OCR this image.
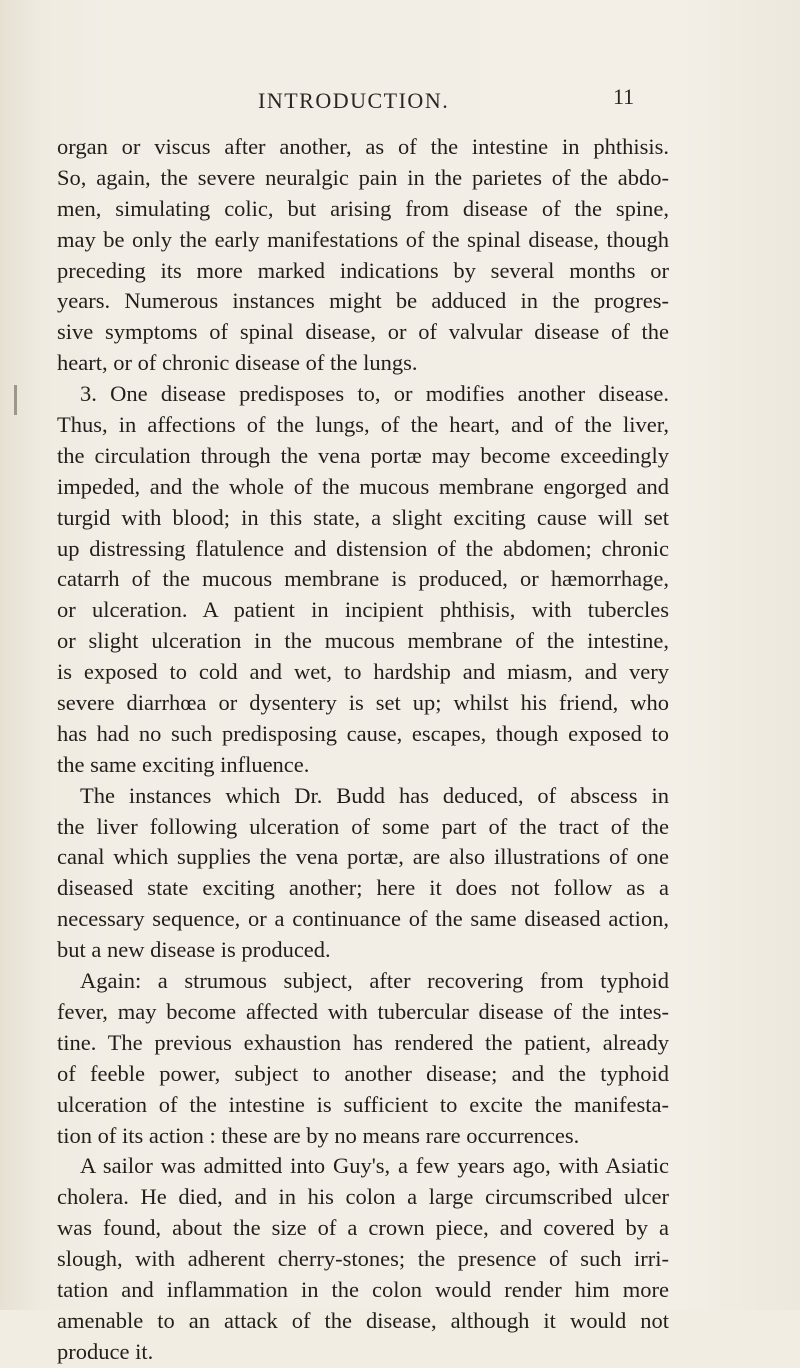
INTRODUCTION.	11
organ or viscus after another, as of the intestine in phthisis.
So, again, the severe neuralgic pain in the parietes of the abdo-
men, simulating colic, but arising from disease of the spine,
may be only the early manifestations of the spinal disease, though
preceding its more marked indications by several months or
years. Numerous instances might be adduced in the progres-
sive symptoms of spinal disease, or of valvular disease of the
heart, or of chronic disease of the lungs.
3. One disease predisposes to, or modifies another disease.
Thus, in affections of the lungs, of the heart, and of the liver,
the circulation through the vena portæ may become exceedingly
impeded, and the whole of the mucous membrane engorged and
turgid with blood; in this state, a slight exciting cause will set
up distressing flatulence and distension of the abdomen; chronic
catarrh of the mucous membrane is produced, or hæmorrhage,
or ulceration. A patient in incipient phthisis, with tubercles
or slight ulceration in the mucous membrane of the intestine,
is exposed to cold and wet, to hardship and miasm, and very
severe diarrhœa or dysentery is set up; whilst his friend, who
has had no such predisposing cause, escapes, though exposed to
the same exciting influence.
The instances which Dr. Budd has deduced, of abscess in
the liver following ulceration of some part of the tract of the
canal which supplies the vena portæ, are also illustrations of one
diseased state exciting another; here it does not follow as a
necessary sequence, or a continuance of the same diseased action,
but a new disease is produced.
Again: a strumous subject, after recovering from typhoid
fever, may become affected with tubercular disease of the intes-
tine. The previous exhaustion has rendered the patient, already
of feeble power, subject to another disease; and the typhoid
ulceration of the intestine is sufficient to excite the manifesta-
tion of its action : these are by no means rare occurrences.
A sailor was admitted into Guy's, a few years ago, with Asiatic
cholera. He died, and in his colon a large circumscribed ulcer
was found, about the size of a crown piece, and covered by a
slough, with adherent cherry-stones; the presence of such irri-
tation and inflammation in the colon would render him more
amenable to an attack of the disease, although it would not
produce it.
